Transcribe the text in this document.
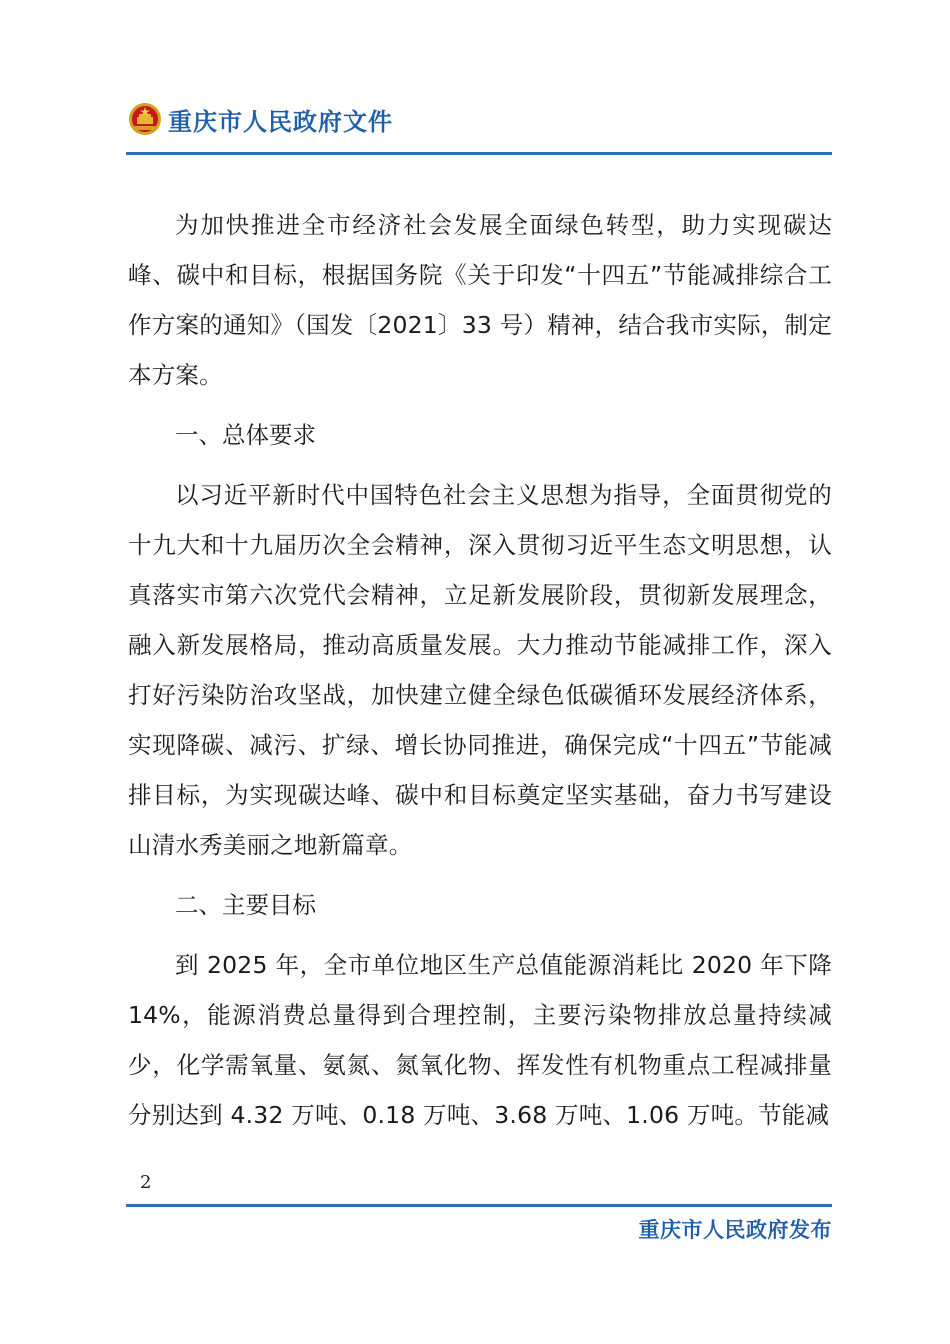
重庆市人民政府文件

为加快推进全市经济社会发展全面绿色转型，助力实现碳达峰、碳中和目标，根据国务院《关于印发“十四五”节能减排综合工作方案的通知》（国发〔2021〕33 号）精神，结合我市实际，制定本方案。

一、总体要求

以习近平新时代中国特色社会主义思想为指导，全面贯彻党的十九大和十九届历次全会精神，深入贯彻习近平生态文明思想，认真落实市第六次党代会精神，立足新发展阶段，贯彻新发展理念，融入新发展格局，推动高质量发展。大力推动节能减排工作，深入打好污染防治攻坚战，加快建立健全绿色低碳循环发展经济体系，实现降碳、减污、扩绿、增长协同推进，确保完成“十四五”节能减排目标，为实现碳达峰、碳中和目标奠定坚实基础，奋力书写建设山清水秀美丽之地新篇章。

二、主要目标

到 2025 年，全市单位地区生产总值能源消耗比 2020 年下降 14%，能源消费总量得到合理控制，主要污染物排放总量持续减少，化学需氧量、氨氮、氮氧化物、挥发性有机物重点工程减排量分别达到 4.32 万吨、0.18 万吨、3.68 万吨、1.06 万吨。节能减

2
重庆市人民政府发布
